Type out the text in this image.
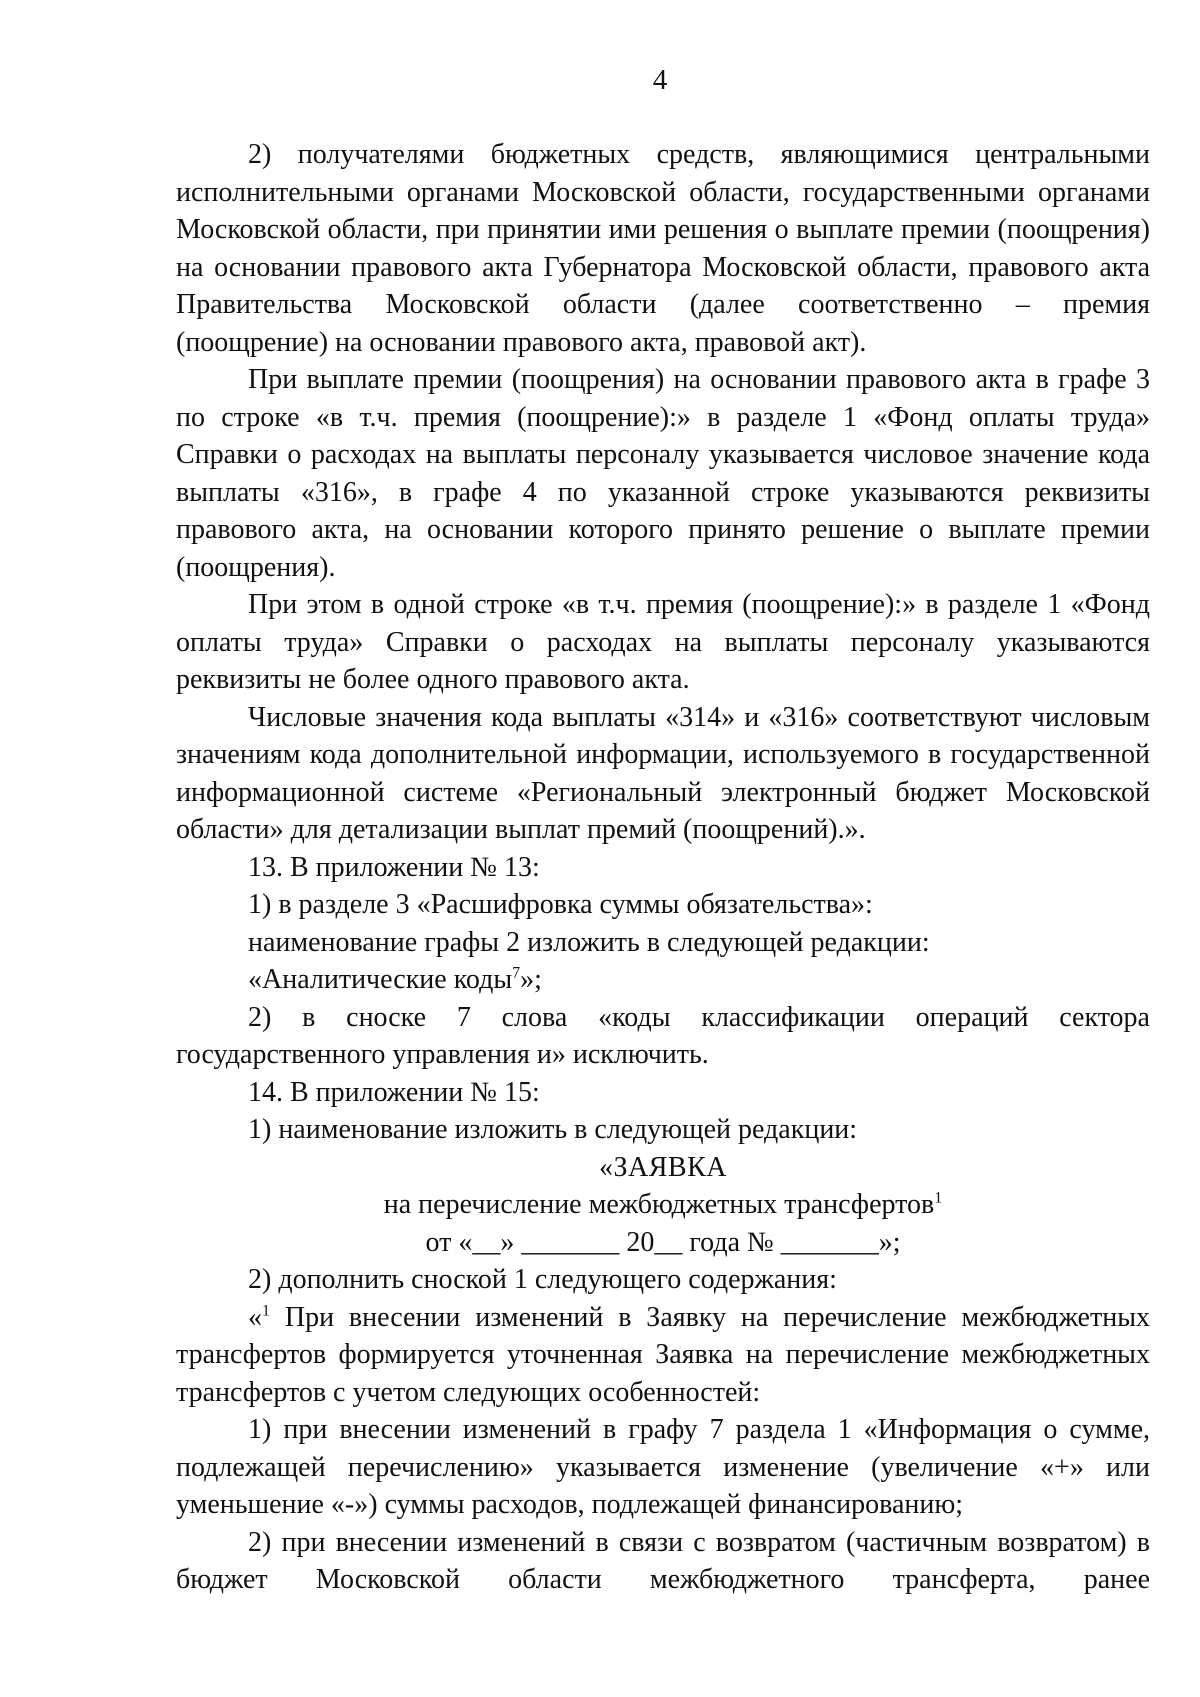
4

2) получателями бюджетных средств, являющимися центральными исполнительными органами Московской области, государственными органами Московской области, при принятии ими решения о выплате премии (поощрения) на основании правового акта Губернатора Московской области, правового акта Правительства Московской области (далее соответственно – премия (поощрение) на основании правового акта, правовой акт).

При выплате премии (поощрения) на основании правового акта в графе 3 по строке «в т.ч. премия (поощрение):» в разделе 1 «Фонд оплаты труда» Справки о расходах на выплаты персоналу указывается числовое значение кода выплаты «316», в графе 4 по указанной строке указываются реквизиты правового акта, на основании которого принято решение о выплате премии (поощрения).

При этом в одной строке «в т.ч. премия (поощрение):» в разделе 1 «Фонд оплаты труда» Справки о расходах на выплаты персоналу указываются реквизиты не более одного правового акта.

Числовые значения кода выплаты «314» и «316» соответствуют числовым значениям кода дополнительной информации, используемого в государственной информационной системе «Региональный электронный бюджет Московской области» для детализации выплат премий (поощрений).».

13. В приложении № 13:

1) в разделе 3 «Расшифровка суммы обязательства»:

наименование графы 2 изложить в следующей редакции:

«Аналитические коды$^7$»;

2) в сноске 7 слова «коды классификации операций сектора государственного управления и» исключить.

14. В приложении № 15:

1) наименование изложить в следующей редакции:

«ЗАЯВКА

на перечисление межбюджетных трансфертов$^1$

от «__» _______ 20__ года № _______»;

2) дополнить сноской 1 следующего содержания:

«$^1$ При внесении изменений в Заявку на перечисление межбюджетных трансфертов формируется уточненная Заявка на перечисление межбюджетных трансфертов с учетом следующих особенностей:

1) при внесении изменений в графу 7 раздела 1 «Информация о сумме, подлежащей перечислению» указывается изменение (увеличение «+» или уменьшение «-») суммы расходов, подлежащей финансированию;

2) при внесении изменений в связи с возвратом (частичным возвратом) в бюджет Московской области межбюджетного трансферта, ранее
